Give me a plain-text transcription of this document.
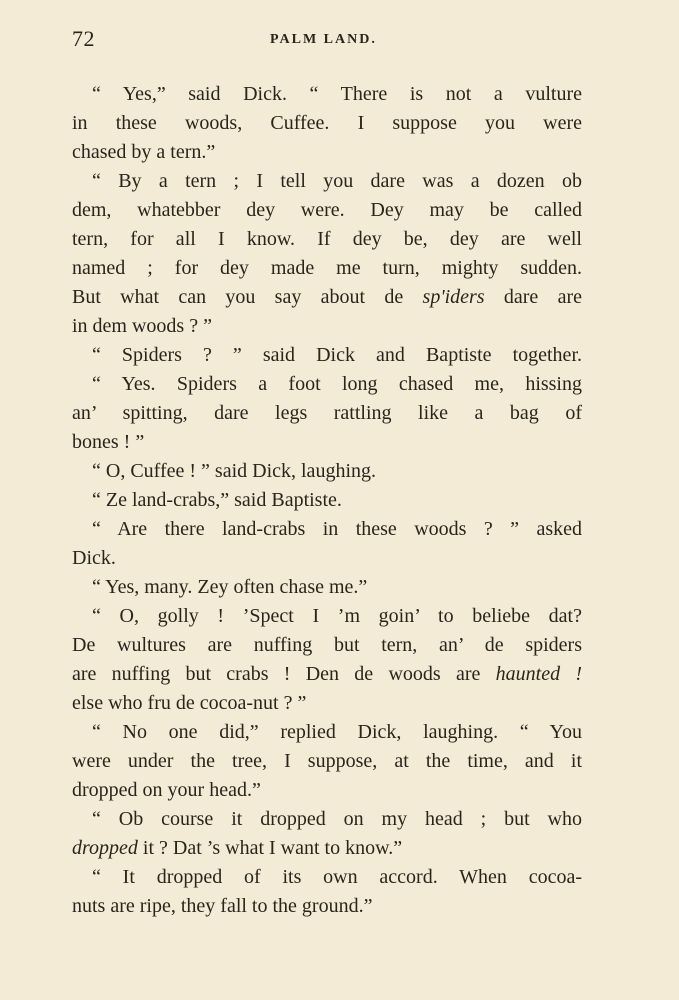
72	PALM LAND.
“ Yes,” said Dick. “ There is not a vulture
in these woods, Cuffee. I suppose you were
chased by a tern.”
“ By a tern ; I tell you dare was a dozen ob
dem, whatebber dey were. Dey may be called
tern, for all I know. If dey be, dey are well
named ; for dey made me turn, mighty sudden.
But what can you say about de sp'iders dare are
in dem woods ? ”
“ Spiders ? ” said Dick and Baptiste together.
“ Yes. Spiders a foot long chased me, hissing
an’ spitting, dare legs rattling like a bag of
bones ! ”
“ O, Cuffee ! ” said Dick, laughing.
“ Ze land-crabs,” said Baptiste.
“ Are there land-crabs in these woods ? ” asked
Dick.
“ Yes, many. Zey often chase me.”
“ O, golly ! ’Spect I ’m goin’ to beliebe dat?
De wultures are nuffing but tern, an’ de spiders
are nuffing but crabs ! Den de woods are haunted !
else who fru de cocoa-nut ? ”
“ No one did,” replied Dick, laughing. “ You
were under the tree, I suppose, at the time, and it
dropped on your head.”
“ Ob course it dropped on my head ; but who
dropped it ? Dat ’s what I want to know.”
“ It dropped of its own accord. When cocoa-
nuts are ripe, they fall to the ground.”
